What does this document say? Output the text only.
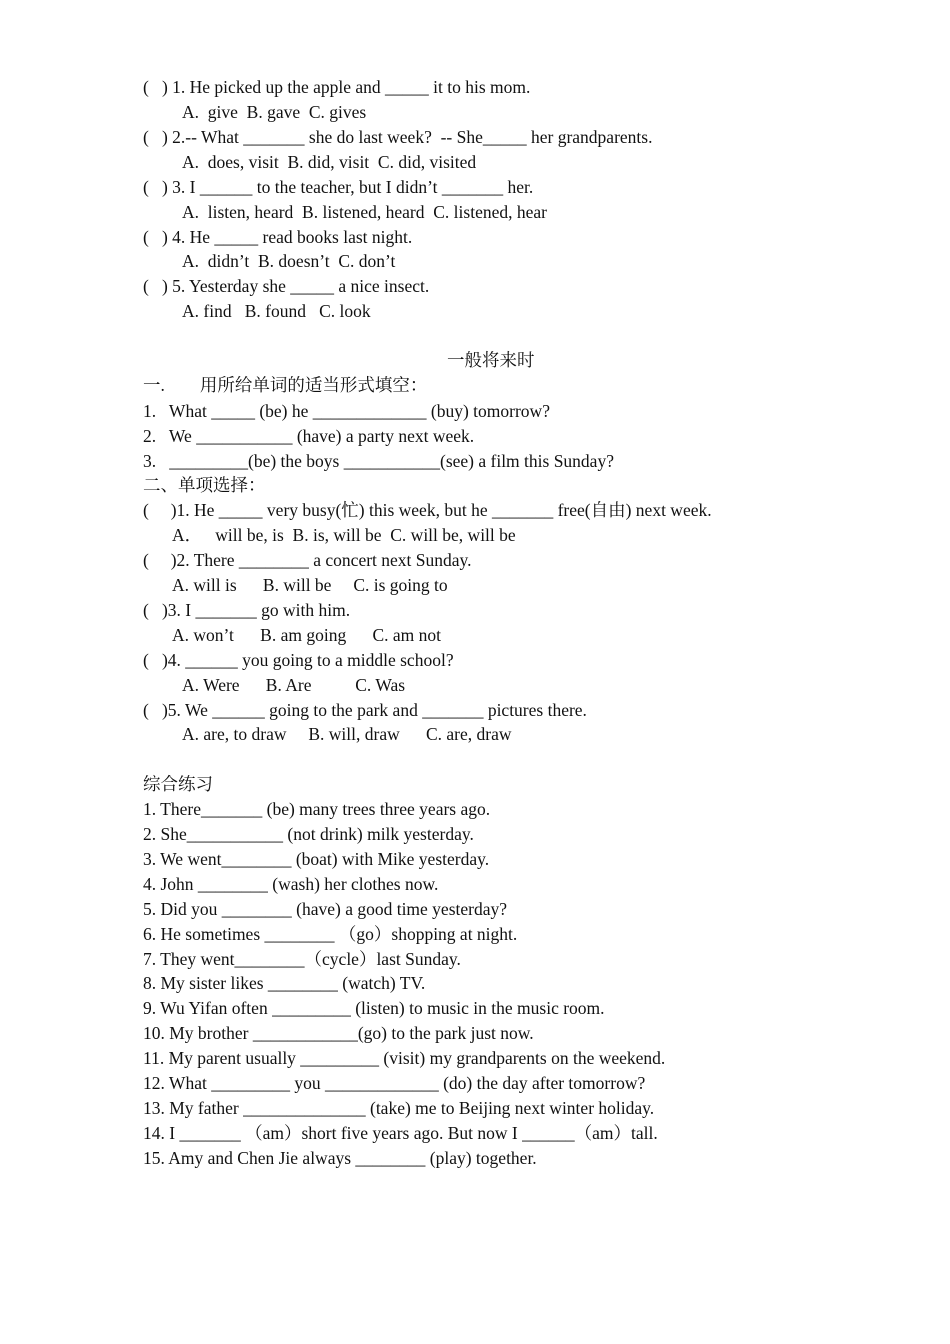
(   ) 1. He picked up the apple and _____ it to his mom.
A.  give  B. gave  C. gives
(   ) 2.-- What _______ she do last week?  -- She_____ her grandparents.
A.  does, visit  B. did, visit  C. did, visited
(   ) 3. I ______ to the teacher, but I didn’t _______ her.
A.  listen, heard  B. listened, heard  C. listened, hear
(   ) 4. He _____ read books last night.
A.  didn’t  B. doesn’t  C. don’t
(   ) 5. Yesterday she _____ a nice insect.
A. find   B. found   C. look
一般将来时
一.        用所给单词的适当形式填空：
1.   What _____ (be) he _____________ (buy) tomorrow?
2.   We ___________ (have) a party next week.
3.   _________(be) the boys ___________(see) a film this Sunday?
二、单项选择：
(     )1. He _____ very busy(忙) this week, but he _______ free(自由) next week.
A．   will be, is  B. is, will be  C. will be, will be
(     )2. There ________ a concert next Sunday.
A. will is      B. will be     C. is going to
(   )3. I _______ go with him.
A. won’t      B. am going      C. am not
(   )4. ______ you going to a middle school?
A. Were      B. Are          C. Was
(   )5. We ______ going to the park and _______ pictures there.
A. are, to draw     B. will, draw      C. are, draw
综合练习
1. There_______ (be) many trees three years ago.
2. She___________ (not drink) milk yesterday.
3. We went________ (boat) with Mike yesterday.
4. John ________ (wash) her clothes now.
5. Did you ________ (have) a good time yesterday?
6. He sometimes ________ （go）shopping at night.
7. They went________（cycle）last Sunday.
8. My sister likes ________ (watch) TV.
9. Wu Yifan often _________ (listen) to music in the music room.
10. My brother ____________(go) to the park just now.
11. My parent usually _________ (visit) my grandparents on the weekend.
12. What _________ you _____________ (do) the day after tomorrow?
13. My father ______________ (take) me to Beijing next winter holiday.
14. I _______ （am）short five years ago. But now I ______（am）tall.
15. Amy and Chen Jie always ________ (play) together.
